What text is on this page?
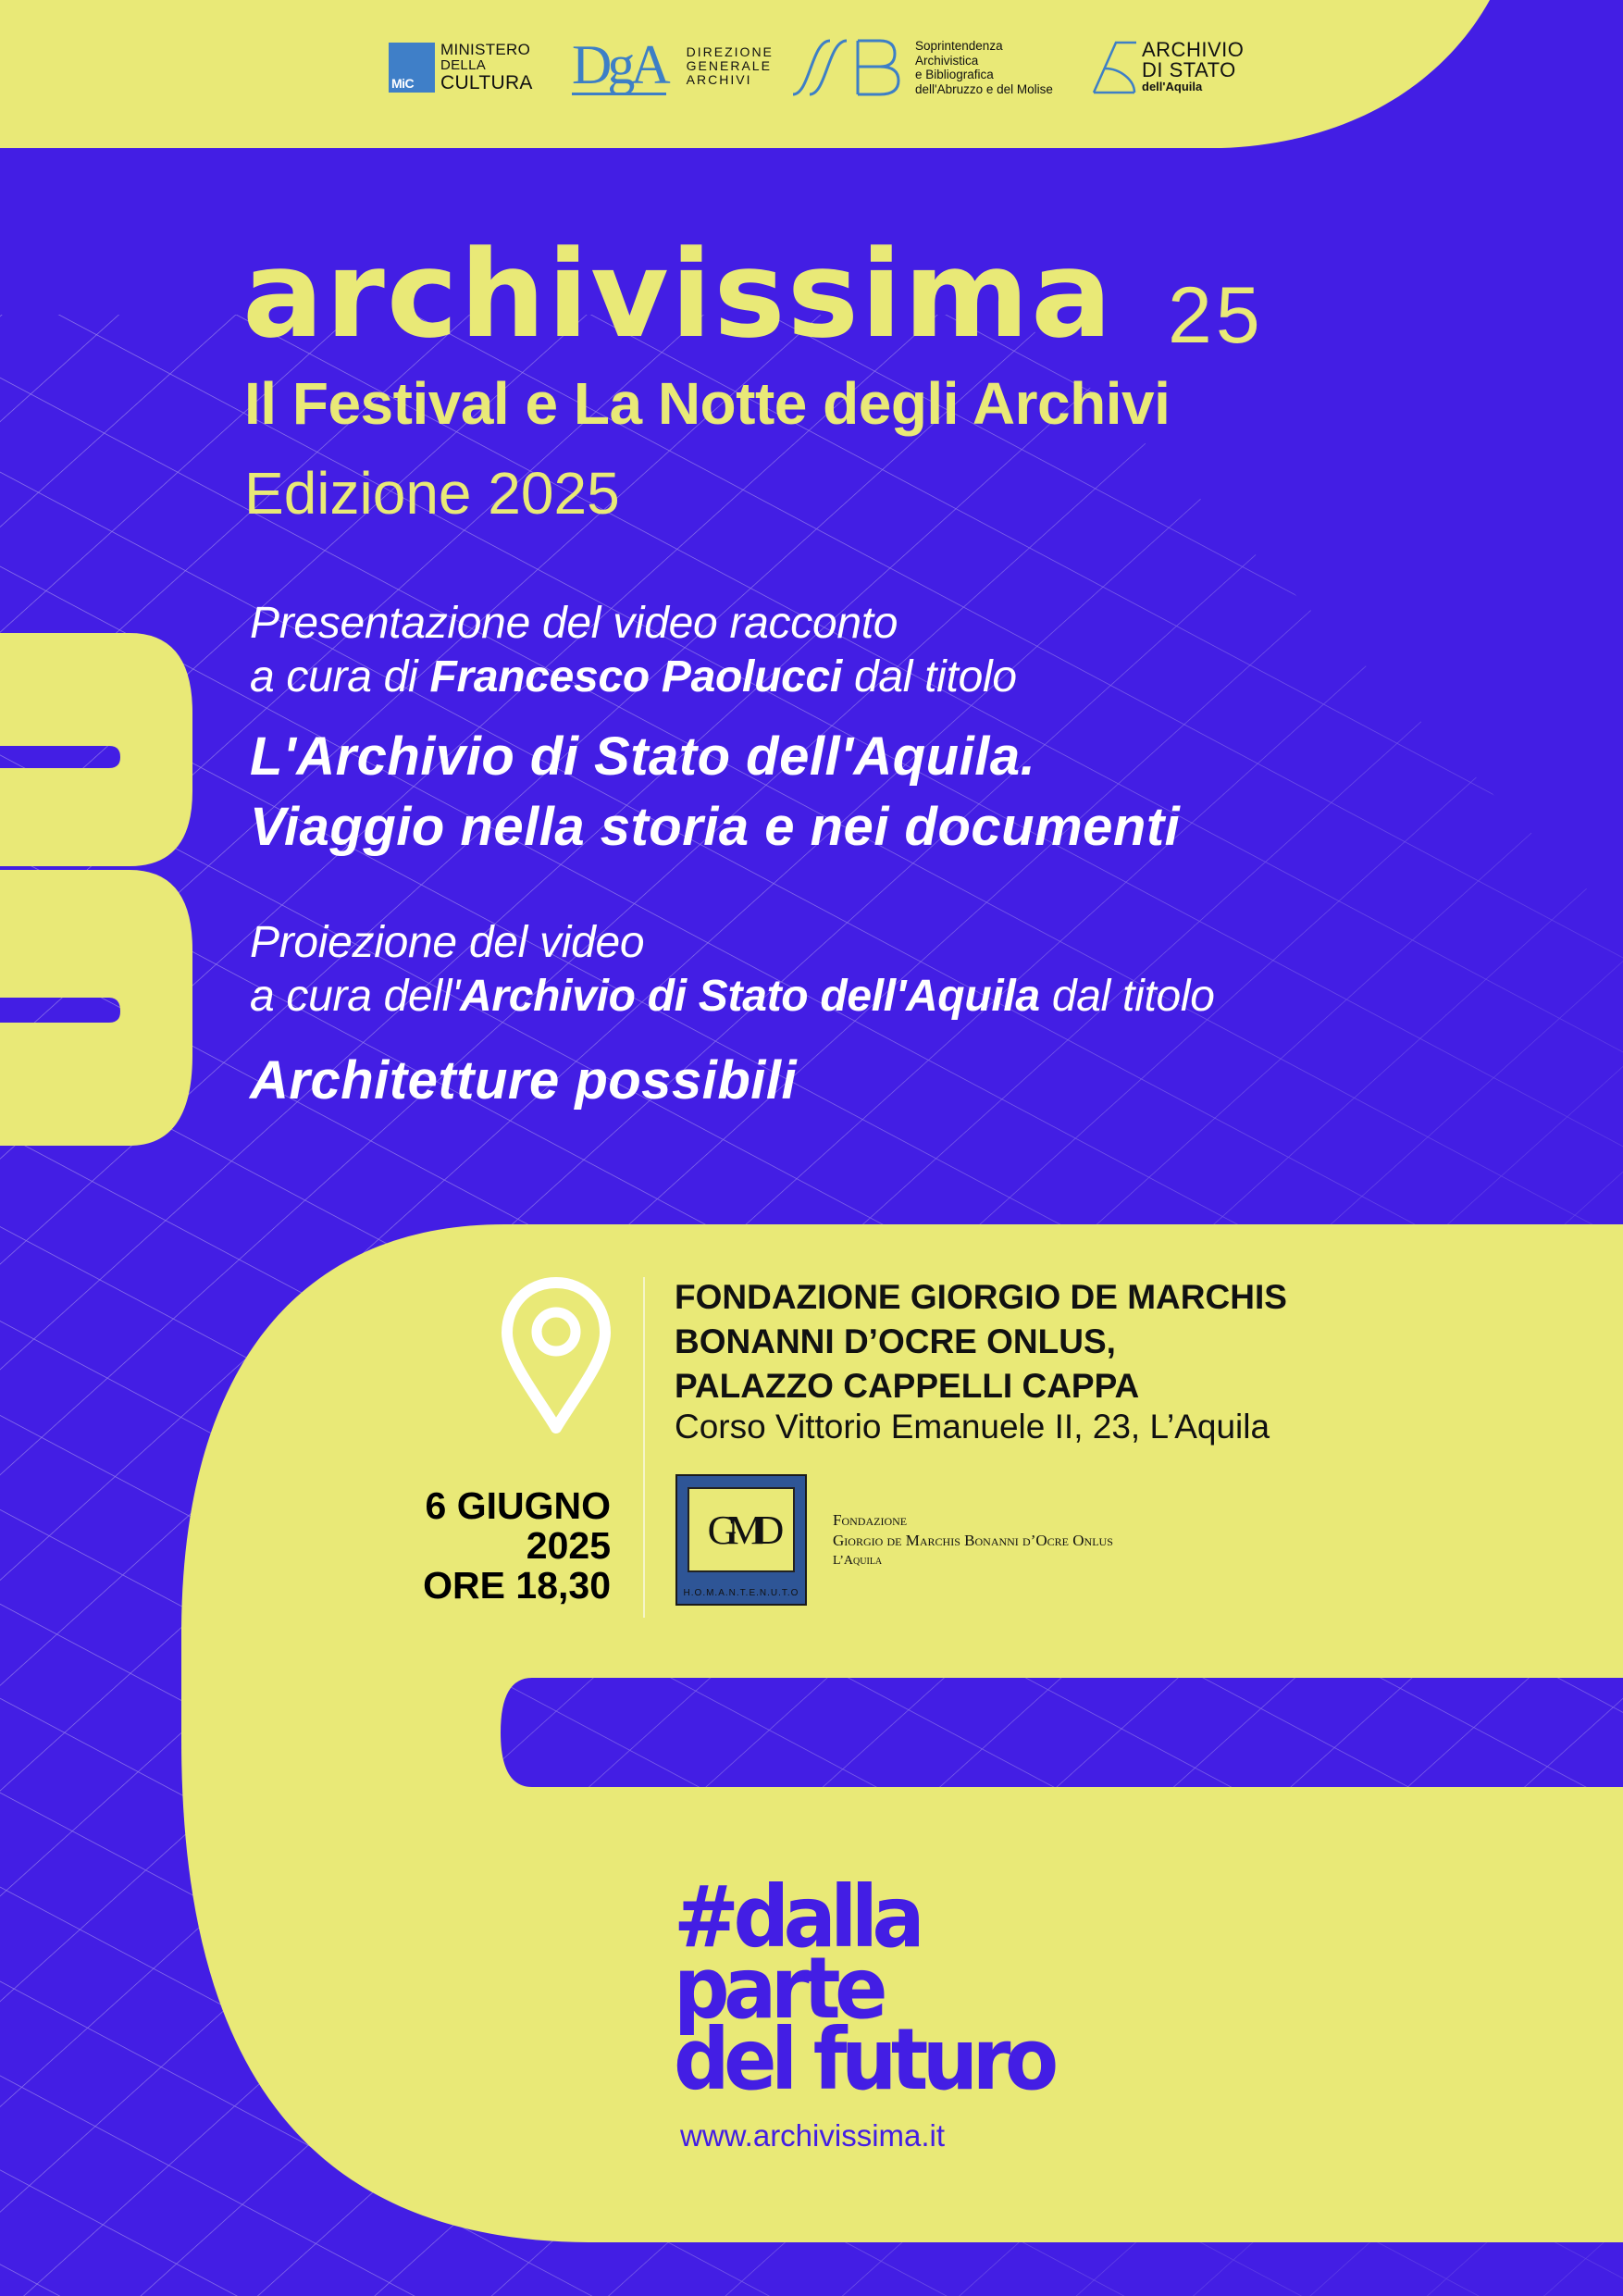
MiC
MINISTERO
DELLA
CULTURA DgA DIREZIONE
GENERALE
ARCHIVI
Soprintendenza
Archivistica
e Bibliografica
dell'Abruzzo e del Molise
ARCHIVIO
DI STATO
dell'Aquila
archivissima 25
Il Festival e La Notte degli Archivi
Edizione 2025
Presentazione del video racconto
a cura di Francesco Paolucci dal titolo
L'Archivio di Stato dell'Aquila.
Viaggio nella storia e nei documenti
Proiezione del video
a cura dell'Archivio di Stato dell'Aquila dal titolo
Architetture possibili
FONDAZIONE GIORGIO DE MARCHIS
BONANNI D’OCRE ONLUS,
PALAZZO CAPPELLI CAPPA
Corso Vittorio Emanuele II, 23, L’Aquila
6 GIUGNO
2025
ORE 18,30
GMD
H.O.M.A.N.T.E.N.U.T.O
Fondazione
Giorgio de Marchis Bonanni d’Ocre Onlus
L’Aquila
#dalla
parte
del futuro
www.archivissima.it
